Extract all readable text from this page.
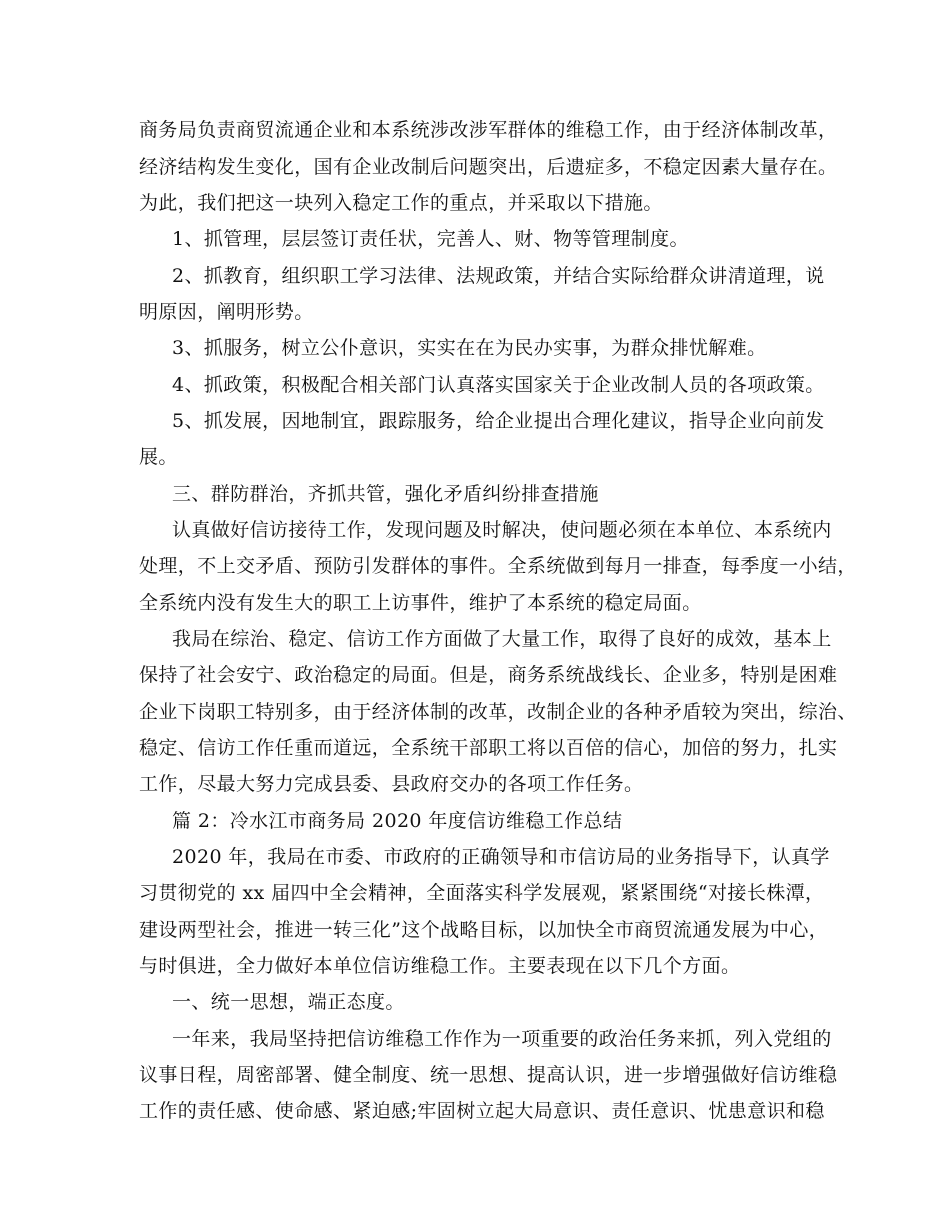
商务局负责商贸流通企业和本系统涉改涉军群体的维稳工作，由于经济体制改革，
经济结构发生变化，国有企业改制后问题突出，后遗症多，不稳定因素大量存在。
为此，我们把这一块列入稳定工作的重点，并采取以下措施。
1、抓管理，层层签订责任状，完善人、财、物等管理制度。
2、抓教育，组织职工学习法律、法规政策，并结合实际给群众讲清道理，说
明原因，阐明形势。
3、抓服务，树立公仆意识，实实在在为民办实事，为群众排忧解难。
4、抓政策，积极配合相关部门认真落实国家关于企业改制人员的各项政策。
5、抓发展，因地制宜，跟踪服务，给企业提出合理化建议，指导企业向前发
展。
三、群防群治，齐抓共管，强化矛盾纠纷排查措施
认真做好信访接待工作，发现问题及时解决，使问题必须在本单位、本系统内
处理，不上交矛盾、预防引发群体的事件。全系统做到每月一排查，每季度一小结，
全系统内没有发生大的职工上访事件，维护了本系统的稳定局面。
我局在综治、稳定、信访工作方面做了大量工作，取得了良好的成效，基本上
保持了社会安宁、政治稳定的局面。但是，商务系统战线长、企业多，特别是困难
企业下岗职工特别多，由于经济体制的改革，改制企业的各种矛盾较为突出，综治、
稳定、信访工作任重而道远，全系统干部职工将以百倍的信心，加倍的努力，扎实
工作，尽最大努力完成县委、县政府交办的各项工作任务。
篇 2：冷水江市商务局 2020 年度信访维稳工作总结
2020 年，我局在市委、市政府的正确领导和市信访局的业务指导下，认真学
习贯彻党的 xx 届四中全会精神，全面落实科学发展观，紧紧围绕“对接长株潭，
建设两型社会，推进一转三化”这个战略目标，以加快全市商贸流通发展为中心，
与时俱进，全力做好本单位信访维稳工作。主要表现在以下几个方面。
一、统一思想，端正态度。
一年来，我局坚持把信访维稳工作作为一项重要的政治任务来抓，列入党组的
议事日程，周密部署、健全制度、统一思想、提高认识，进一步增强做好信访维稳
工作的责任感、使命感、紧迫感;牢固树立起大局意识、责任意识、忧患意识和稳
